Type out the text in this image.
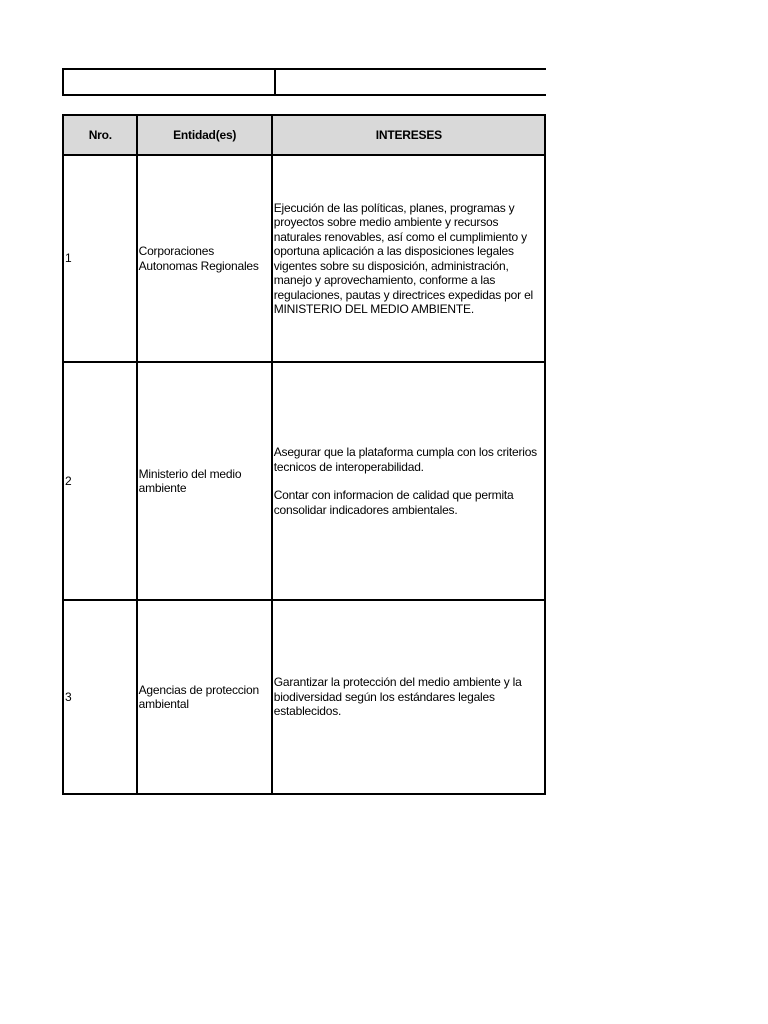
Nro.	Entidad(es)	INTERESES
1	Corporaciones Autonomas Regionales	Ejecución de las políticas, planes, programas y proyectos sobre medio ambiente y recursos naturales renovables, así como el cumplimiento y oportuna aplicación a las disposiciones legales vigentes sobre su disposición, administración, manejo y aprovechamiento, conforme a las regulaciones, pautas y directrices expedidas por el MINISTERIO DEL MEDIO AMBIENTE.

2	Ministerio del medio ambiente	Asegurar que la plataforma cumpla con los criterios tecnicos de interoperabilidad.

Contar con informacion de calidad que permita consolidar indicadores ambientales.

3	Agencias de proteccion ambiental	Garantizar la protección del medio ambiente y la biodiversidad según los estándares legales establecidos.
